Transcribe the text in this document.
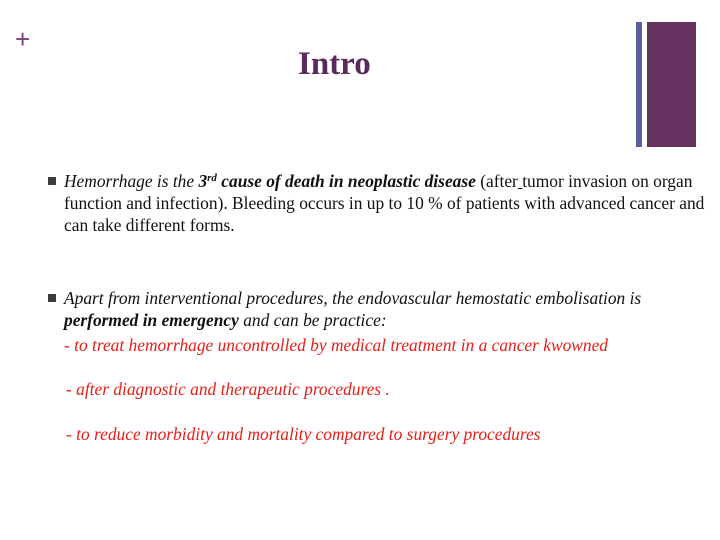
+
Intro
Hemorrhage is the 3rd cause of death in neoplastic disease (after tumor invasion on organ function and infection). Bleeding occurs in up to 10 % of patients with advanced cancer and can take different forms.
Apart from interventional procedures, the endovascular hemostatic embolisation is performed in emergency and can be practice:
- to treat hemorrhage uncontrolled by medical treatment in a cancer kwowned
- after diagnostic and therapeutic procedures .
- to reduce morbidity and mortality compared to surgery procedures
